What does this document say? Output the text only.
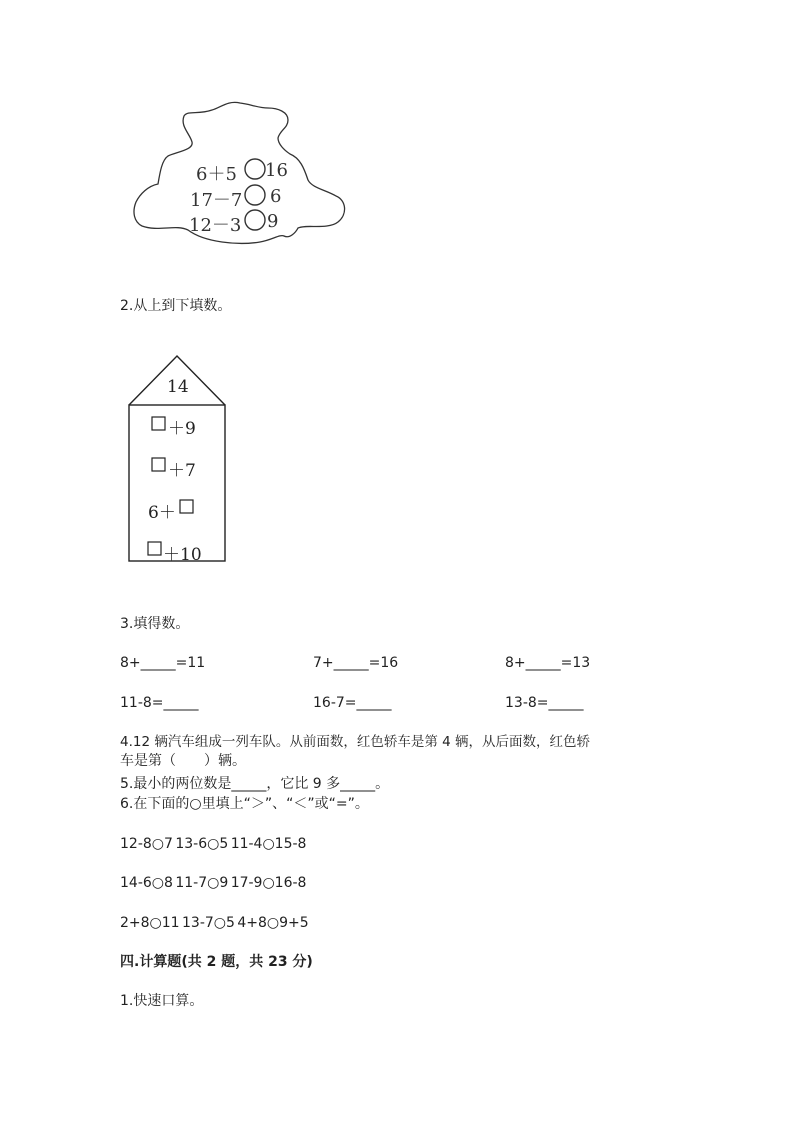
6＋5 16
17－7 6
12－3 9
2.从上到下填数。
14
＋9
＋7
6＋
＋10
3.填得数。
8+_____=11	7+_____=16	8+_____=13
11-8=_____	16-7=_____	13-8=_____
4.12 辆汽车组成一列车队。从前面数，红色轿车是第 4 辆，从后面数，红色轿
车是第（　　）辆。
5.最小的两位数是_____，它比 9 多_____。
6.在下面的○里填上“＞”、“＜”或“=”。
12-8○7 13-6○5 11-4○15-8
14-6○8 11-7○9 17-9○16-8
2+8○11 13-7○5 4+8○9+5
四.计算题(共 2 题，共 23 分)
1.快速口算。
